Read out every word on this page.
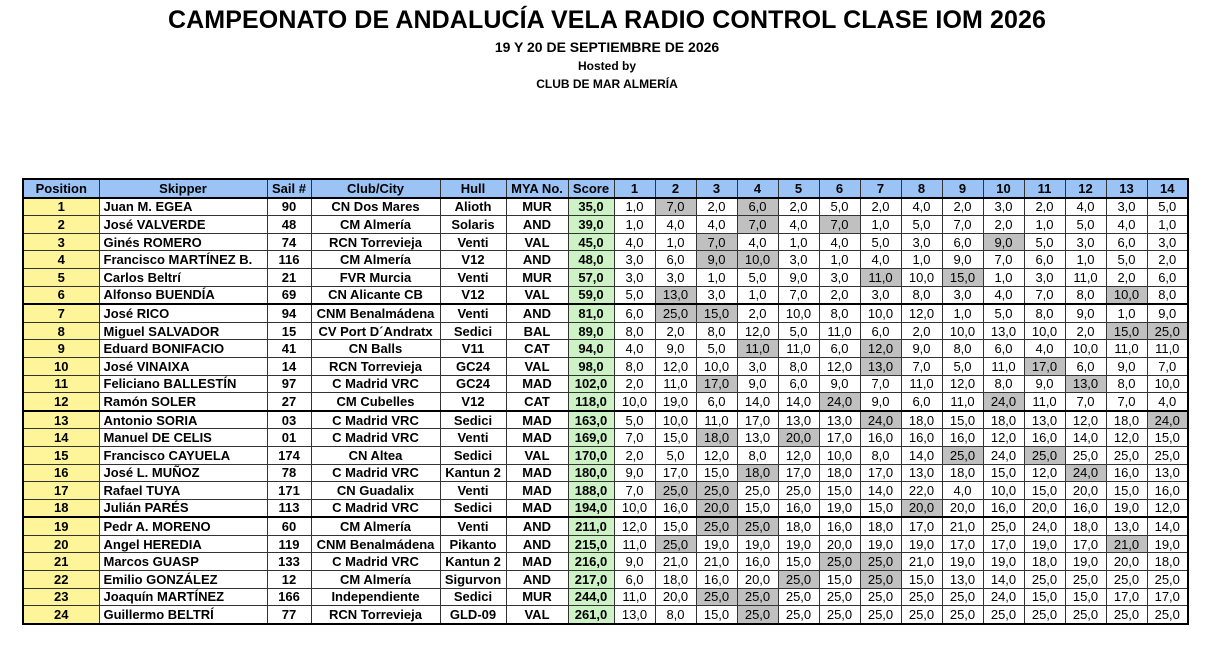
CAMPEONATO DE ANDALUCÍA VELA RADIO CONTROL CLASE IOM 2026
19 Y 20 DE SEPTIEMBRE DE 2026
Hosted by
CLUB DE MAR ALMERÍA
Position	Skipper	Sail #	Club/City	Hull	MYA No.	Score	1	2	3	4	5	6	7	8	9	10	11	12	13	14
1	Juan M. EGEA	90	CN Dos Mares	Alioth	MUR	35,0	1,0	7,0	2,0	6,0	2,0	5,0	2,0	4,0	2,0	3,0	2,0	4,0	3,0	5,0
2	José VALVERDE	48	CM Almería	Solaris	AND	39,0	1,0	4,0	4,0	7,0	4,0	7,0	1,0	5,0	7,0	2,0	1,0	5,0	4,0	1,0
3	Ginés ROMERO	74	RCN Torrevieja	Venti	VAL	45,0	4,0	1,0	7,0	4,0	1,0	4,0	5,0	3,0	6,0	9,0	5,0	3,0	6,0	3,0
4	Francisco MARTÍNEZ B.	116	CM Almería	V12	AND	48,0	3,0	6,0	9,0	10,0	3,0	1,0	4,0	1,0	9,0	7,0	6,0	1,0	5,0	2,0
5	Carlos Beltrí	21	FVR Murcia	Venti	MUR	57,0	3,0	3,0	1,0	5,0	9,0	3,0	11,0	10,0	15,0	1,0	3,0	11,0	2,0	6,0
6	Alfonso BUENDÍA	69	CN Alicante CB	V12	VAL	59,0	5,0	13,0	3,0	1,0	7,0	2,0	3,0	8,0	3,0	4,0	7,0	8,0	10,0	8,0
7	José RICO	94	CNM Benalmádena	Venti	AND	81,0	6,0	25,0	15,0	2,0	10,0	8,0	10,0	12,0	1,0	5,0	8,0	9,0	1,0	9,0
8	Miguel SALVADOR	15	CV Port D´Andratx	Sedici	BAL	89,0	8,0	2,0	8,0	12,0	5,0	11,0	6,0	2,0	10,0	13,0	10,0	2,0	15,0	25,0
9	Eduard BONIFACIO	41	CN Balls	V11	CAT	94,0	4,0	9,0	5,0	11,0	11,0	6,0	12,0	9,0	8,0	6,0	4,0	10,0	11,0	11,0
10	José VINAIXA	14	RCN Torrevieja	GC24	VAL	98,0	8,0	12,0	10,0	3,0	8,0	12,0	13,0	7,0	5,0	11,0	17,0	6,0	9,0	7,0
11	Feliciano BALLESTÍN	97	C Madrid VRC	GC24	MAD	102,0	2,0	11,0	17,0	9,0	6,0	9,0	7,0	11,0	12,0	8,0	9,0	13,0	8,0	10,0
12	Ramón SOLER	27	CM Cubelles	V12	CAT	118,0	10,0	19,0	6,0	14,0	14,0	24,0	9,0	6,0	11,0	24,0	11,0	7,0	7,0	4,0
13	Antonio SORIA	03	C Madrid VRC	Sedici	MAD	163,0	5,0	10,0	11,0	17,0	13,0	13,0	24,0	18,0	15,0	18,0	13,0	12,0	18,0	24,0
14	Manuel DE CELIS	01	C Madrid VRC	Venti	MAD	169,0	7,0	15,0	18,0	13,0	20,0	17,0	16,0	16,0	16,0	12,0	16,0	14,0	12,0	15,0
15	Francisco CAYUELA	174	CN Altea	Sedici	VAL	170,0	2,0	5,0	12,0	8,0	12,0	10,0	8,0	14,0	25,0	24,0	25,0	25,0	25,0	25,0
16	José L. MUÑOZ	78	C Madrid VRC	Kantun 2	MAD	180,0	9,0	17,0	15,0	18,0	17,0	18,0	17,0	13,0	18,0	15,0	12,0	24,0	16,0	13,0
17	Rafael TUYA	171	CN Guadalix	Venti	MAD	188,0	7,0	25,0	25,0	25,0	25,0	15,0	14,0	22,0	4,0	10,0	15,0	20,0	15,0	16,0
18	Julián PARÉS	113	C Madrid VRC	Sedici	MAD	194,0	10,0	16,0	20,0	15,0	16,0	19,0	15,0	20,0	20,0	16,0	20,0	16,0	19,0	12,0
19	Pedr A. MORENO	60	CM Almería	Venti	AND	211,0	12,0	15,0	25,0	25,0	18,0	16,0	18,0	17,0	21,0	25,0	24,0	18,0	13,0	14,0
20	Angel HEREDIA	119	CNM Benalmádena	Pikanto	AND	215,0	11,0	25,0	19,0	19,0	19,0	20,0	19,0	19,0	17,0	17,0	19,0	17,0	21,0	19,0
21	Marcos GUASP	133	C Madrid VRC	Kantun 2	MAD	216,0	9,0	21,0	21,0	16,0	15,0	25,0	25,0	21,0	19,0	19,0	18,0	19,0	20,0	18,0
22	Emilio GONZÁLEZ	12	CM Almería	Sigurvon	AND	217,0	6,0	18,0	16,0	20,0	25,0	15,0	25,0	15,0	13,0	14,0	25,0	25,0	25,0	25,0
23	Joaquín MARTÍNEZ	166	Independiente	Sedici	MUR	244,0	11,0	20,0	25,0	25,0	25,0	25,0	25,0	25,0	25,0	24,0	15,0	15,0	17,0	17,0
24	Guillermo BELTRÍ	77	RCN Torrevieja	GLD-09	VAL	261,0	13,0	8,0	15,0	25,0	25,0	25,0	25,0	25,0	25,0	25,0	25,0	25,0	25,0	25,0
